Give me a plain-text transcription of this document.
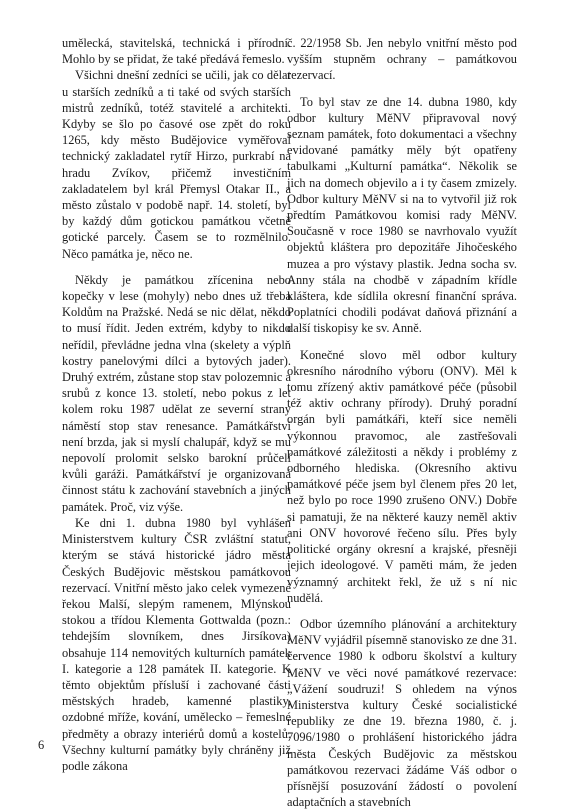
umělecká, stavitelská, technická i přírodní. Mohlo by se přidat, že také předává řemeslo.

Všichni dnešní zedníci se učili, jak co dělat u starších zedníků a ti také od svých starších mistrů zedníků, totéž stavitelé a architekti. Kdyby se šlo po časové ose zpět do roku 1265, kdy město Budějovice vyměřoval technický zakladatel rytíř Hirzo, purkrabí na hradu Zvíkov, přičemž investičním zakladatelem byl král Přemysl Otakar II., a město zůstalo v podobě např. 14. století, byl by každý dům gotickou památkou včetně gotické parcely. Časem se to rozmělnilo. Něco památka je, něco ne.

Někdy je památkou zřícenina nebo kopečky v lese (mohyly) nebo dnes už třeba Koldům na Pražské. Nedá se nic dělat, někdo to musí řídit. Jeden extrém, kdyby to nikdo neřídil, převládne jedna vlna (skelety a výplň kostry panelovými dílci a bytových jader). Druhý extrém, zůstane stop stav polozemnic a srubů z konce 13. století, nebo pokus z let kolem roku 1987 udělat ze severní strany náměstí stop stav renesance. Památkářství není brzda, jak si myslí chalupář, když se mu nepovolí prolomit selsko barokní průčelí kvůli garáži. Památkářství je organizovaná činnost státu k zachování stavebních a jiných památek. Proč, viz výše.

Ke dni 1. dubna 1980 byl vyhlášen Ministerstvem kultury ČSR zvláštní statut, kterým se stává historické jádro města Českých Budějovic městskou památkovou rezervací. Vnitřní město jako celek vymezené řekou Malší, slepým ramenem, Mlýnskou stokou a třídou Klementa Gottwalda (pozn.: tehdejším slovníkem, dnes Jirsíkova) obsahuje 114 nemovitých kulturních památek I. kategorie a 128 památek II. kategorie. K těmto objektům přísluší i zachované části městských hradeb, kamenné plastiky, ozdobné mříže, kování, umělecko – řemeslné předměty a obrazy interiérů domů a kostelů. Všechny kulturní památky byly chráněny již podle zákona

č. 22/1958 Sb. Jen nebylo vnitřní město pod vyšším stupněm ochrany – památkovou rezervací.

To byl stav ze dne 14. dubna 1980, kdy odbor kultury MěNV připravoval nový seznam památek, foto dokumentaci a všechny evidované památky měly být opatřeny tabulkami „Kulturní památka“. Několik se jich na domech objevilo a i ty časem zmizely. Odbor kultury MěNV si na to vytvořil již rok předtím Památkovou komisi rady MěNV. Současně v roce 1980 se navrhovalo využít objektů kláštera pro depozitáře Jihočeského muzea a pro výstavy plastik. Jedna socha sv. Anny stála na chodbě v západním křídle kláštera, kde sídlila okresní finanční správa. Poplatníci chodili podávat daňová přiznání a další tiskopisy ke sv. Anně.

Konečné slovo měl odbor kultury okresního národního výboru (ONV). Měl k tomu zřízený aktiv památkové péče (působil též aktiv ochrany přírody). Druhý poradní orgán byli památkáři, kteří sice neměli výkonnou pravomoc, ale zastřešovali památkové záležitosti a někdy i problémy z odborného hlediska. (Okresního aktivu památkové péče jsem byl členem přes 20 let, než bylo po roce 1990 zrušeno ONV.) Dobře si pamatuji, že na některé kauzy neměl aktiv ani ONV hovorové řečeno sílu. Přes byly politické orgány okresní a krajské, přesněji jejich ideologové. V paměti mám, že jeden významný architekt řekl, že už s ní nic nudělá.

Odbor územního plánování a architektury MěNV vyjádřil písemně stanovisko ze dne 31. července 1980 k odboru školství a kultury MěNV ve věci nové památkové rezervace: „Vážení soudruzi! S ohledem na výnos Ministerstva kultury České socialistické republiky ze dne 19. března 1980, č. j. 7096/1980 o prohlášení historického jádra města Českých Budějovic za městskou památkovou rezervaci žádáme Váš odbor o přísnější posuzování žádostí o povolení adaptačních a stavebních

6
